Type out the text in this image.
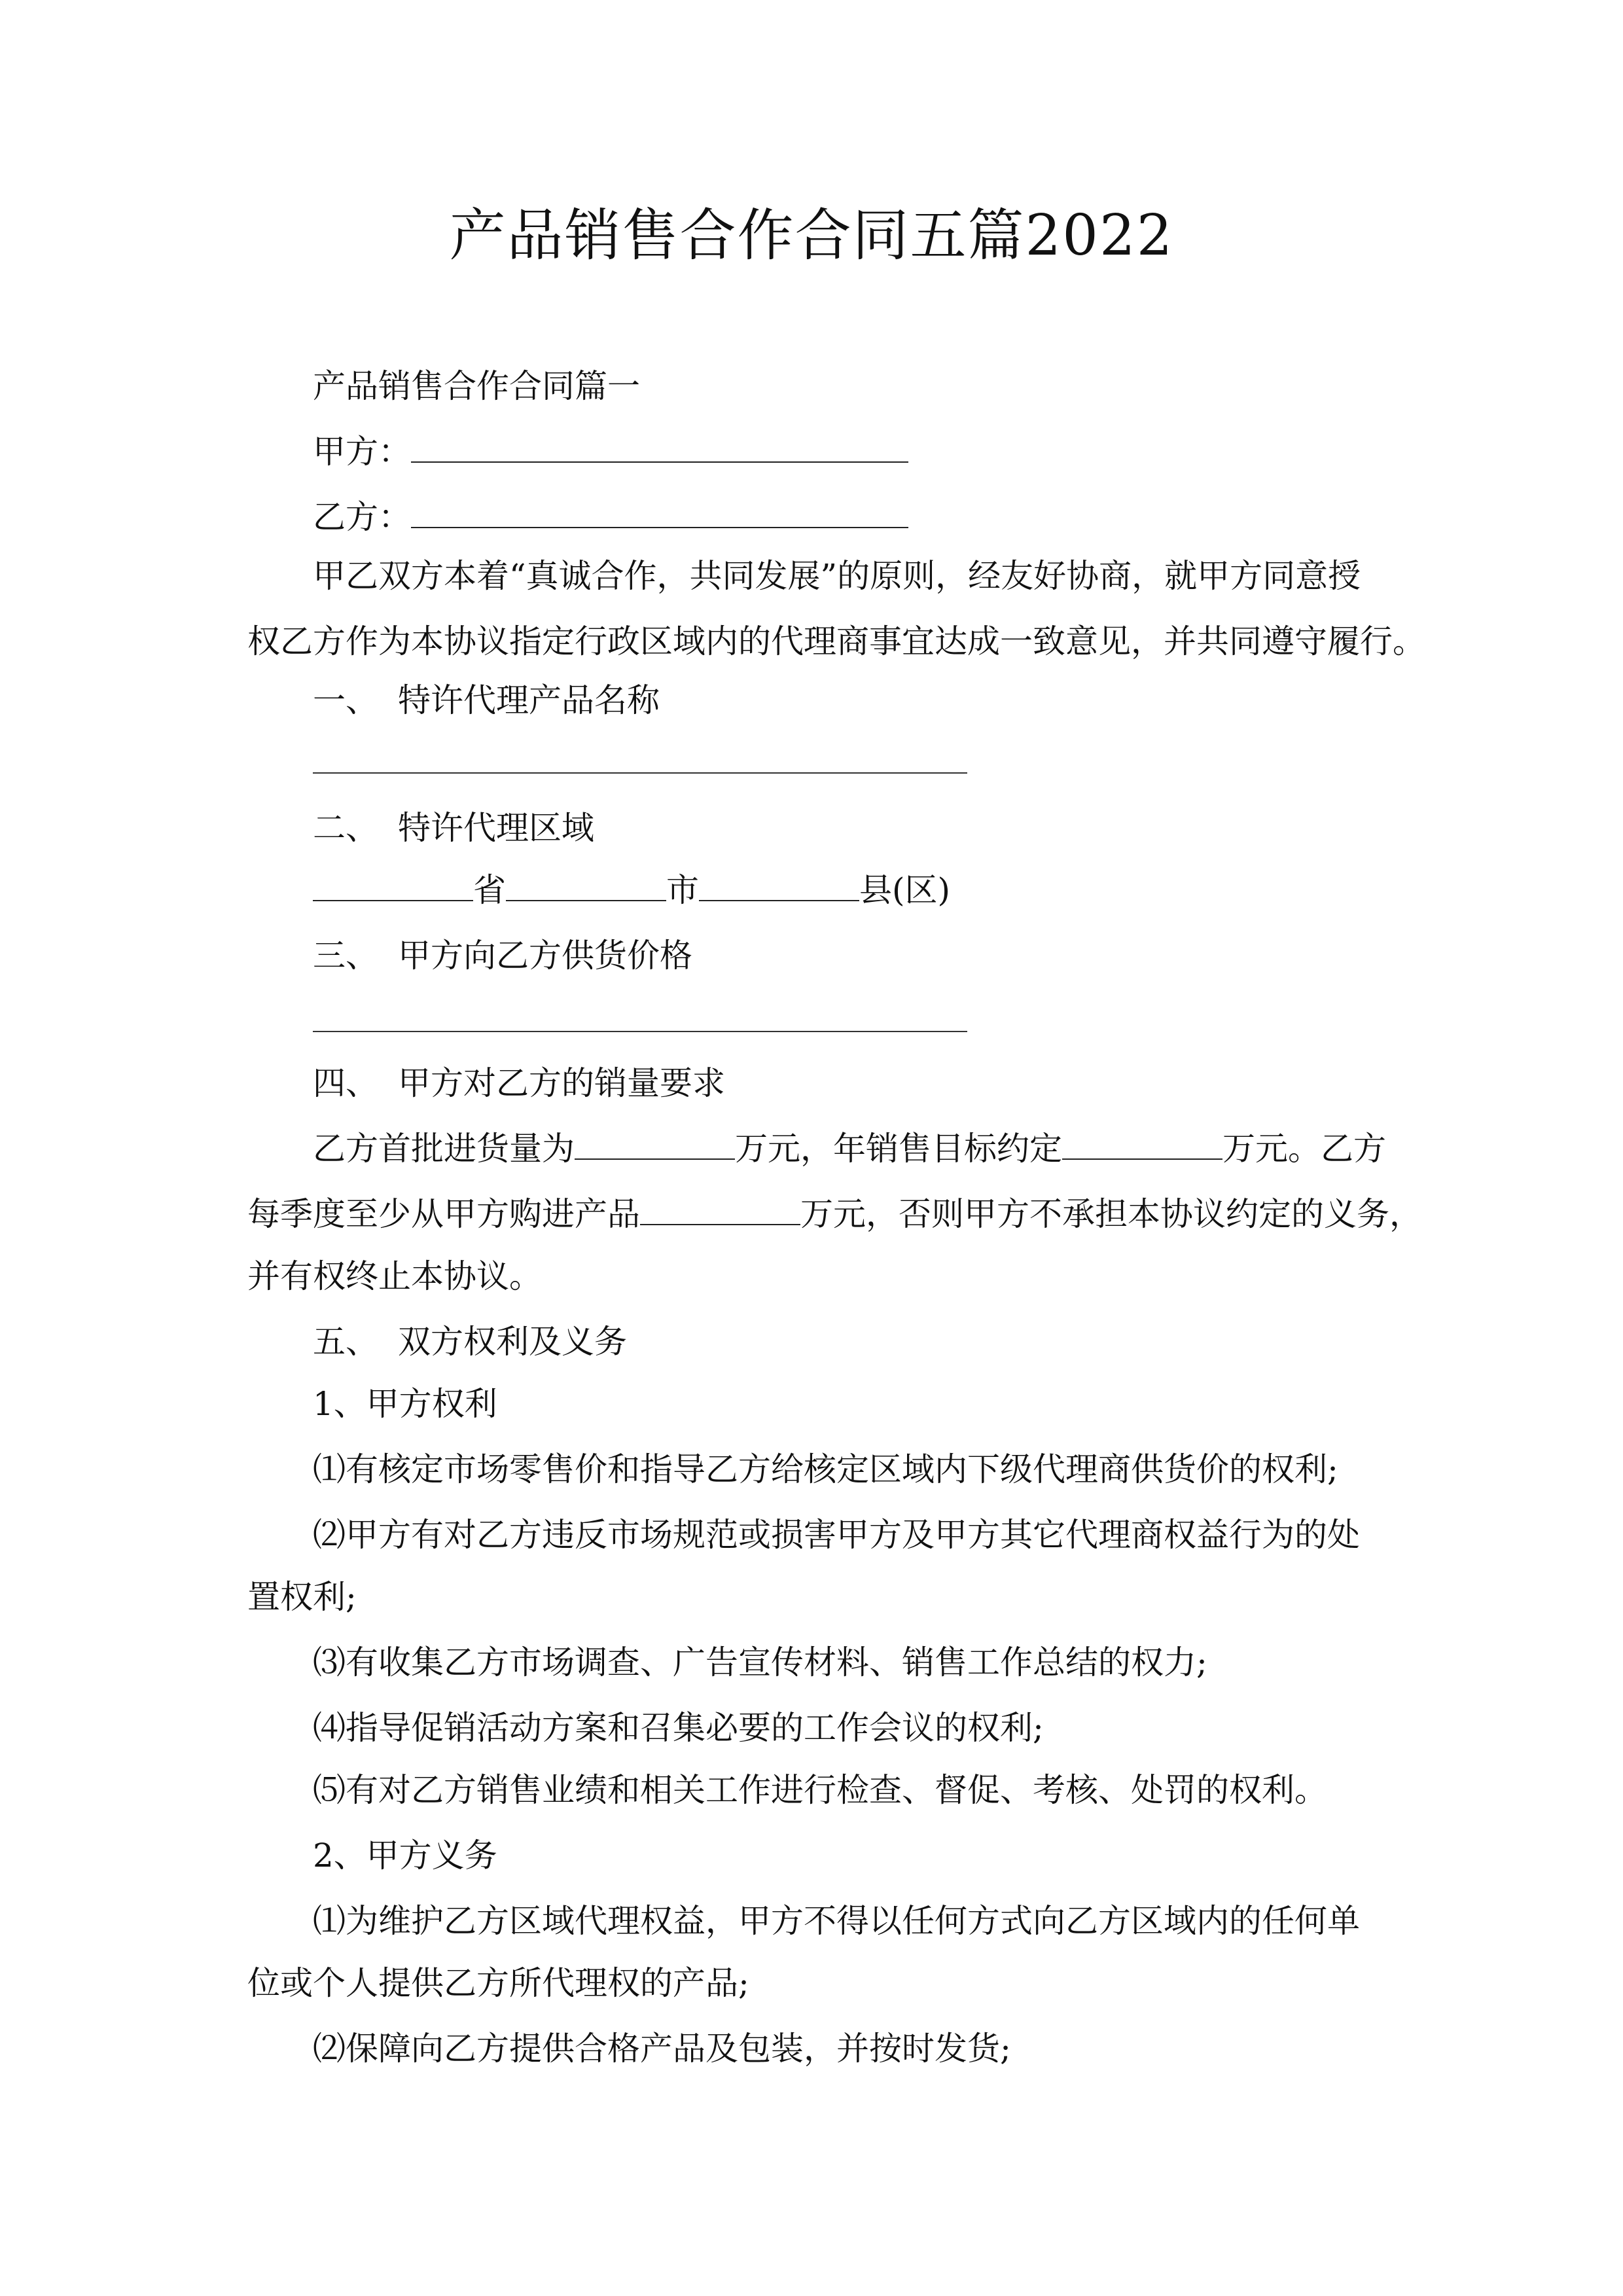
产品销售合作合同五篇2022

产品销售合作合同篇一

甲方：

乙方：

甲乙双方本着“真诚合作，共同发展”的原则，经友好协商，就甲方同意授

权乙方作为本协议指定行政区域内的代理商事宜达成一致意见，并共同遵守履行。

一、 特许代理产品名称

二、 特许代理区域

省	市	县(区)

三、 甲方向乙方供货价格

四、 甲方对乙方的销量要求

乙方首批进货量为	万元，年销售目标约定	万元。乙方

每季度至少从甲方购进产品	万元，否则甲方不承担本协议约定的义务，

并有权终止本协议。

五、 双方权利及义务

1、甲方权利

⑴有核定市场零售价和指导乙方给核定区域内下级代理商供货价的权利;

⑵甲方有对乙方违反市场规范或损害甲方及甲方其它代理商权益行为的处

置权利;

⑶有收集乙方市场调查、广告宣传材料、销售工作总结的权力;

⑷指导促销活动方案和召集必要的工作会议的权利;

⑸有对乙方销售业绩和相关工作进行检查、督促、考核、处罚的权利。

2、甲方义务

⑴为维护乙方区域代理权益，甲方不得以任何方式向乙方区域内的任何单

位或个人提供乙方所代理权的产品;

⑵保障向乙方提供合格产品及包装，并按时发货;
